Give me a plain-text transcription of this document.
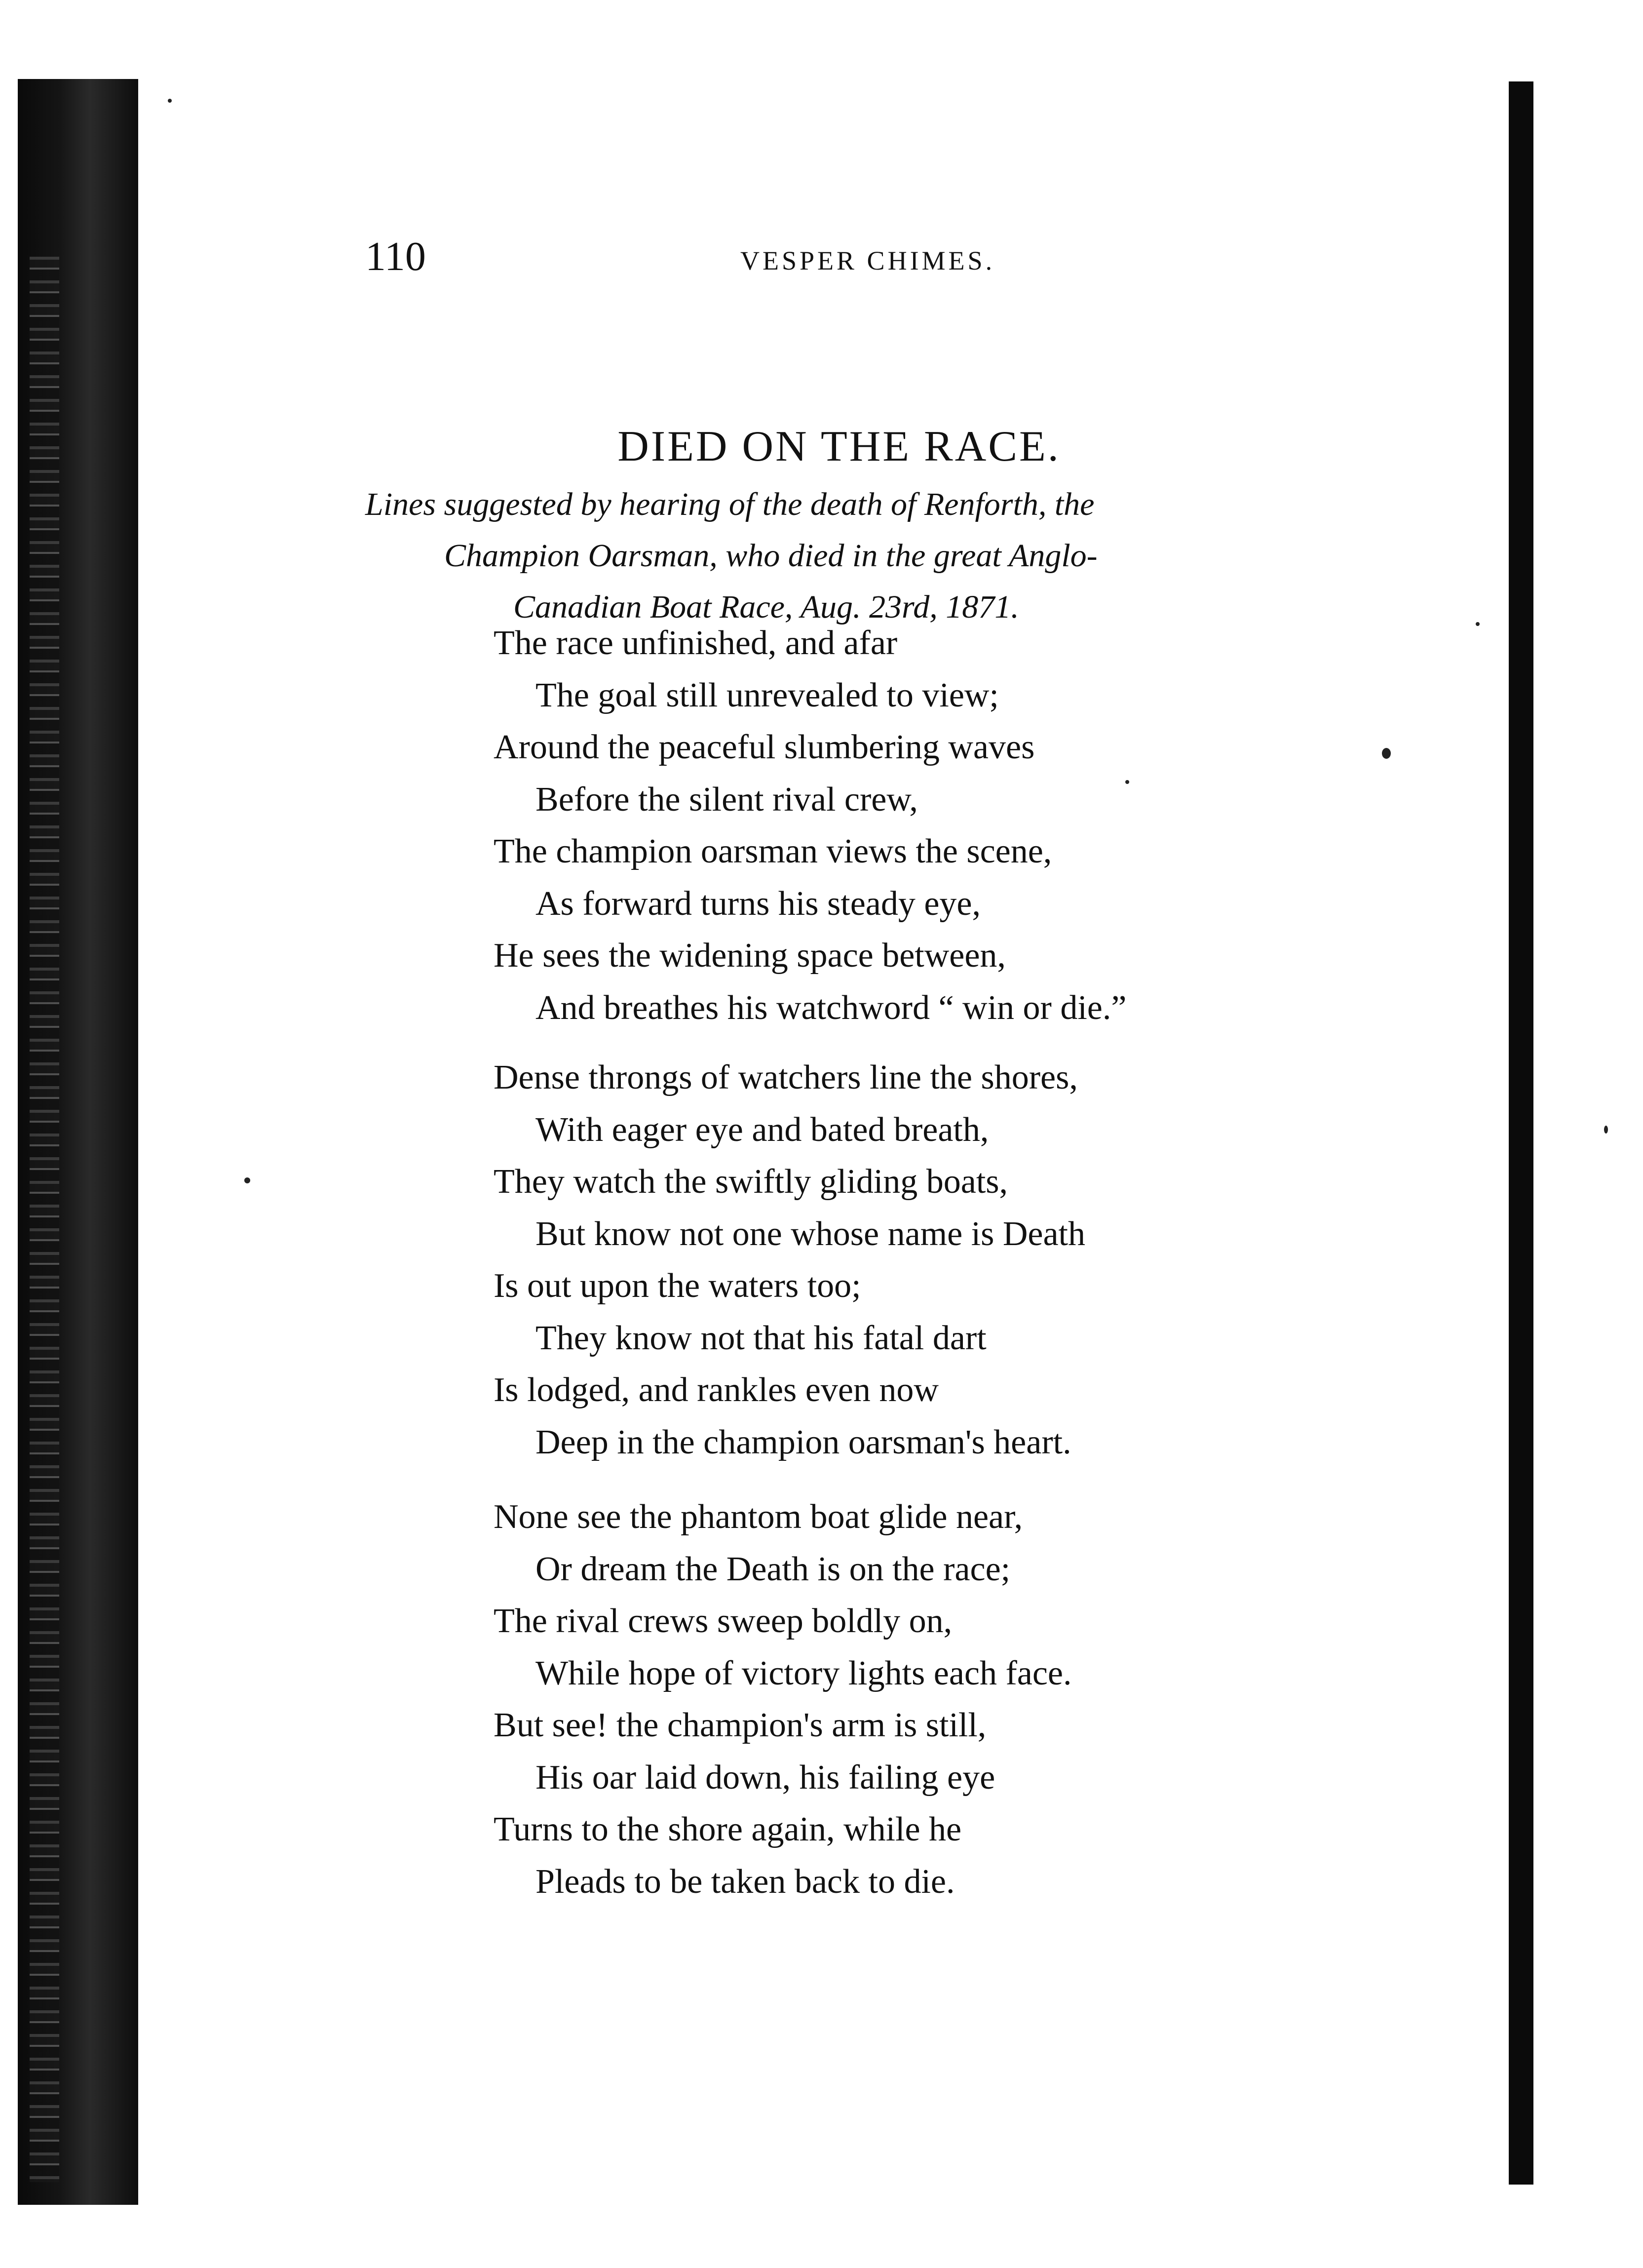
110	VESPER CHIMES.
DIED ON THE RACE.
Lines suggested by hearing of the death of Renforth, the
Champion Oarsman, who died in the great Anglo-
Canadian Boat Race, Aug. 23rd, 1871.
The race unfinished, and afar
The goal still unrevealed to view;
Around the peaceful slumbering waves
Before the silent rival crew,
The champion oarsman views the scene,
As forward turns his steady eye,
He sees the widening space between,
And breathes his watchword “ win or die.”
Dense throngs of watchers line the shores,
With eager eye and bated breath,
They watch the swiftly gliding boats,
But know not one whose name is Death
Is out upon the waters too;
They know not that his fatal dart
Is lodged, and rankles even now
Deep in the champion oarsman's heart.
None see the phantom boat glide near,
Or dream the Death is on the race;
The rival crews sweep boldly on,
While hope of victory lights each face.
But see! the champion's arm is still,
His oar laid down, his failing eye
Turns to the shore again, while he
Pleads to be taken back to die.
